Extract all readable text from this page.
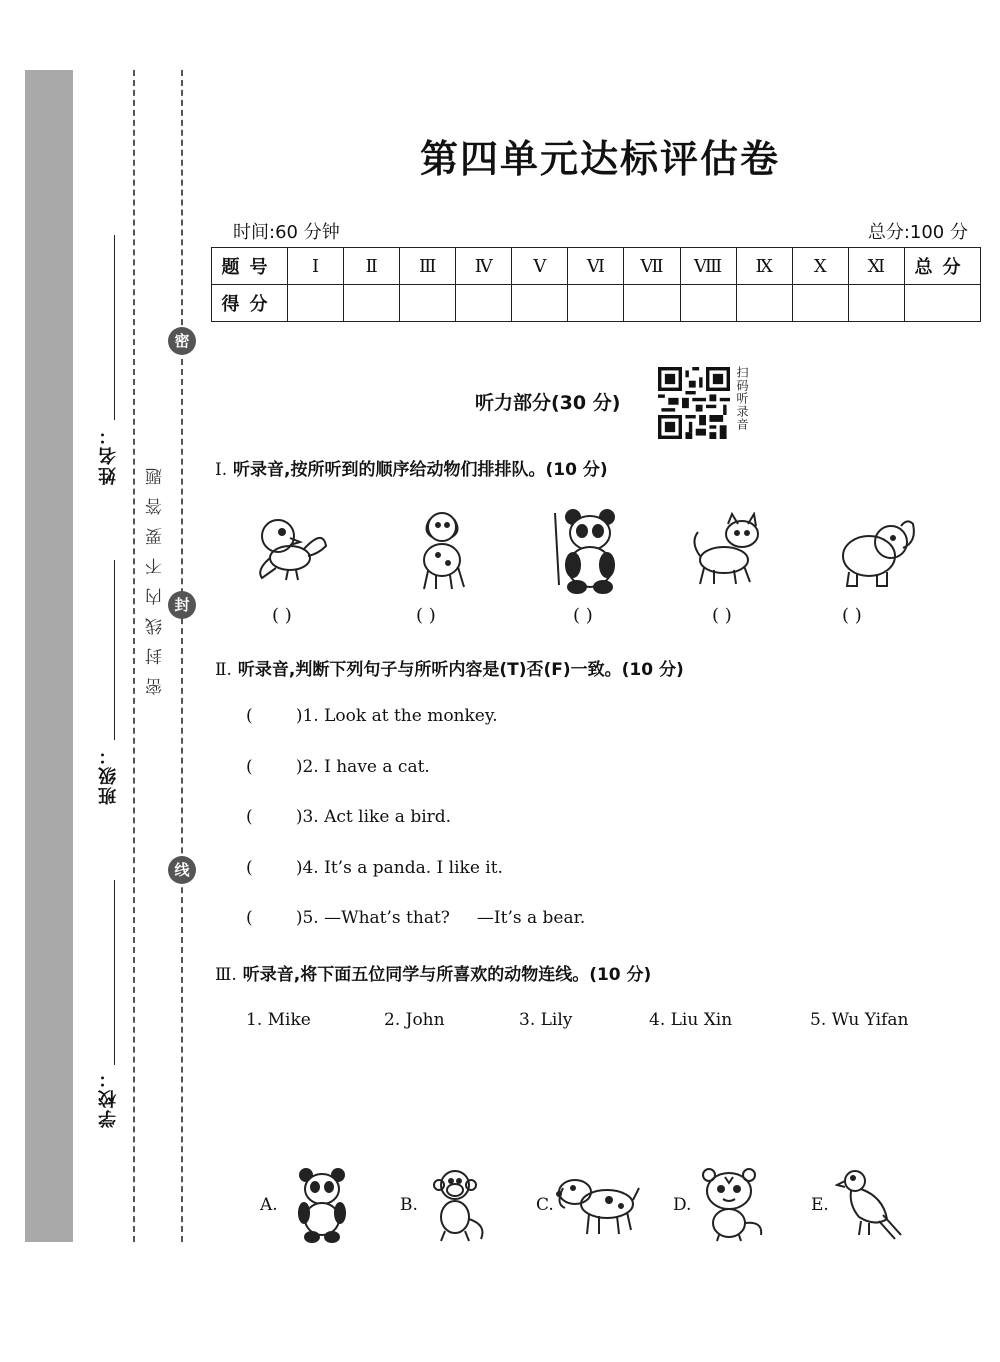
姓名：
班级：
学校：
密
封
线
密封线内不要答题
第四单元达标评估卷
时间:60 分钟	总分:100 分
题号	Ⅰ	Ⅱ	Ⅲ	Ⅳ	Ⅴ	Ⅵ	Ⅶ	Ⅷ	Ⅸ	Ⅹ	Ⅺ	总分
得分												
听力部分(30 分)	扫码听录音
Ⅰ. 听录音,按所听到的顺序给动物们排排队。(10 分)
( )	( )	( )	( )	( )
Ⅱ. 听录音,判断下列句子与所听内容是(T)否(F)一致。(10 分)
(        )1. Look at the monkey.
(        )2. I have a cat.
(        )3. Act like a bird.
(        )4. It’s a panda. I like it.
(        )5. —What’s that?     —It’s a bear.
Ⅲ. 听录音,将下面五位同学与所喜欢的动物连线。(10 分)
1. Mike	2. John	3. Lily	4. Liu Xin	5. Wu Yifan
A.	B.	C.	D.	E.
